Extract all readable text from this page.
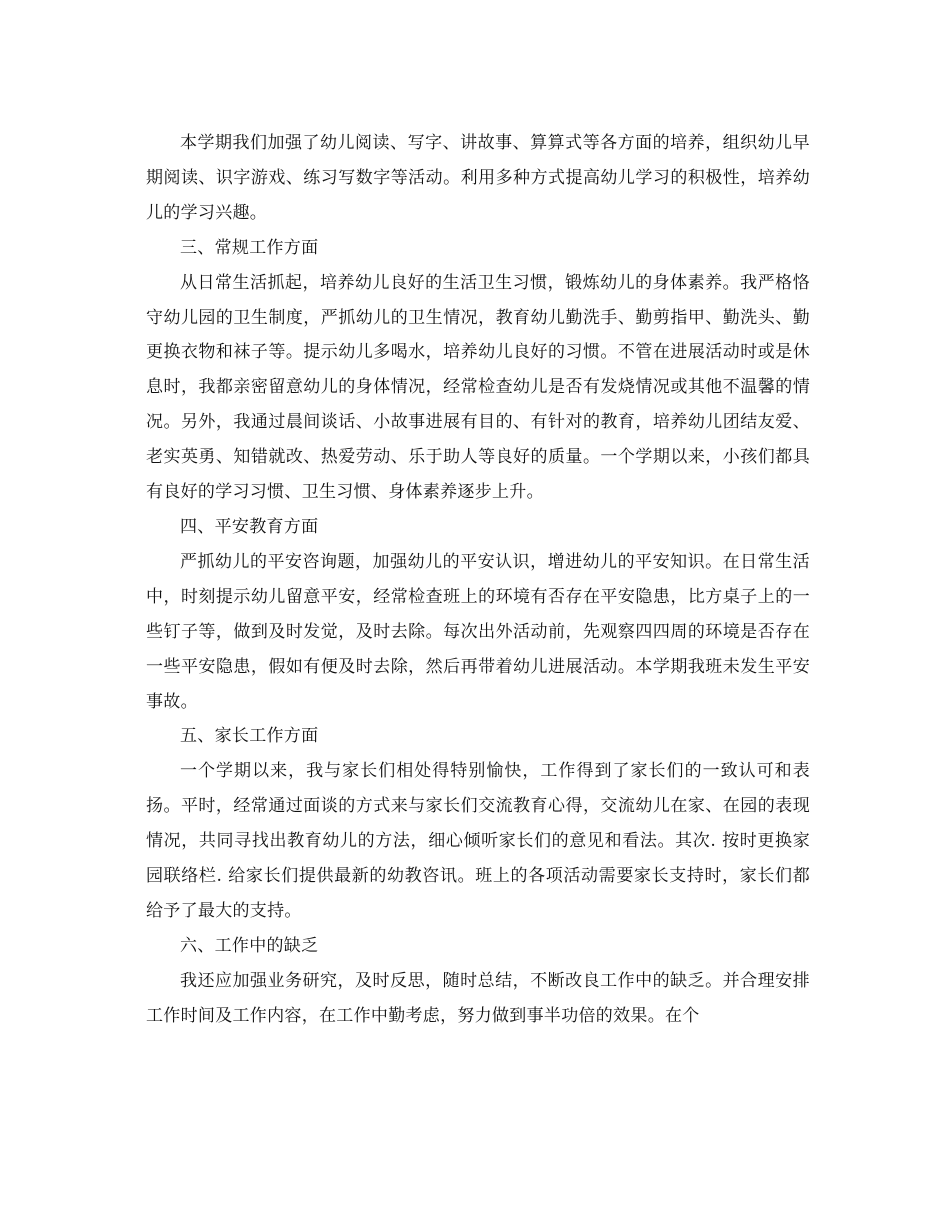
本学期我们加强了幼儿阅读、写字、讲故事、算算式等各方面的培养，组织幼儿早期阅读、识字游戏、练习写数字等活动。利用多种方式提高幼儿学习的积极性，培养幼儿的学习兴趣。

三、常规工作方面

从日常生活抓起，培养幼儿良好的生活卫生习惯，锻炼幼儿的身体素养。我严格恪守幼儿园的卫生制度，严抓幼儿的卫生情况，教育幼儿勤洗手、勤剪指甲、勤洗头、勤更换衣物和袜子等。提示幼儿多喝水，培养幼儿良好的习惯。不管在进展活动时或是休息时，我都亲密留意幼儿的身体情况，经常检查幼儿是否有发烧情况或其他不温馨的情况。另外，我通过晨间谈话、小故事进展有目的、有针对的教育，培养幼儿团结友爱、老实英勇、知错就改、热爱劳动、乐于助人等良好的质量。一个学期以来，小孩们都具有良好的学习习惯、卫生习惯、身体素养逐步上升。

四、平安教育方面

严抓幼儿的平安咨询题，加强幼儿的平安认识，增进幼儿的平安知识。在日常生活中，时刻提示幼儿留意平安，经常检查班上的环境有否存在平安隐患，比方桌子上的一些钉子等，做到及时发觉，及时去除。每次出外活动前，先观察四四周的环境是否存在一些平安隐患，假如有便及时去除，然后再带着幼儿进展活动。本学期我班未发生平安事故。

五、家长工作方面

一个学期以来，我与家长们相处得特别愉快，工作得到了家长们的一致认可和表扬。平时，经常通过面谈的方式来与家长们交流教育心得，交流幼儿在家、在园的表现情况，共同寻找出教育幼儿的方法，细心倾听家长们的意见和看法。其次. 按时更换家园联络栏. 给家长们提供最新的幼教咨讯。班上的各项活动需要家长支持时，家长们都给予了最大的支持。

六、工作中的缺乏

我还应加强业务研究，及时反思，随时总结，不断改良工作中的缺乏。并合理安排工作时间及工作内容，在工作中勤考虑，努力做到事半功倍的效果。在个
